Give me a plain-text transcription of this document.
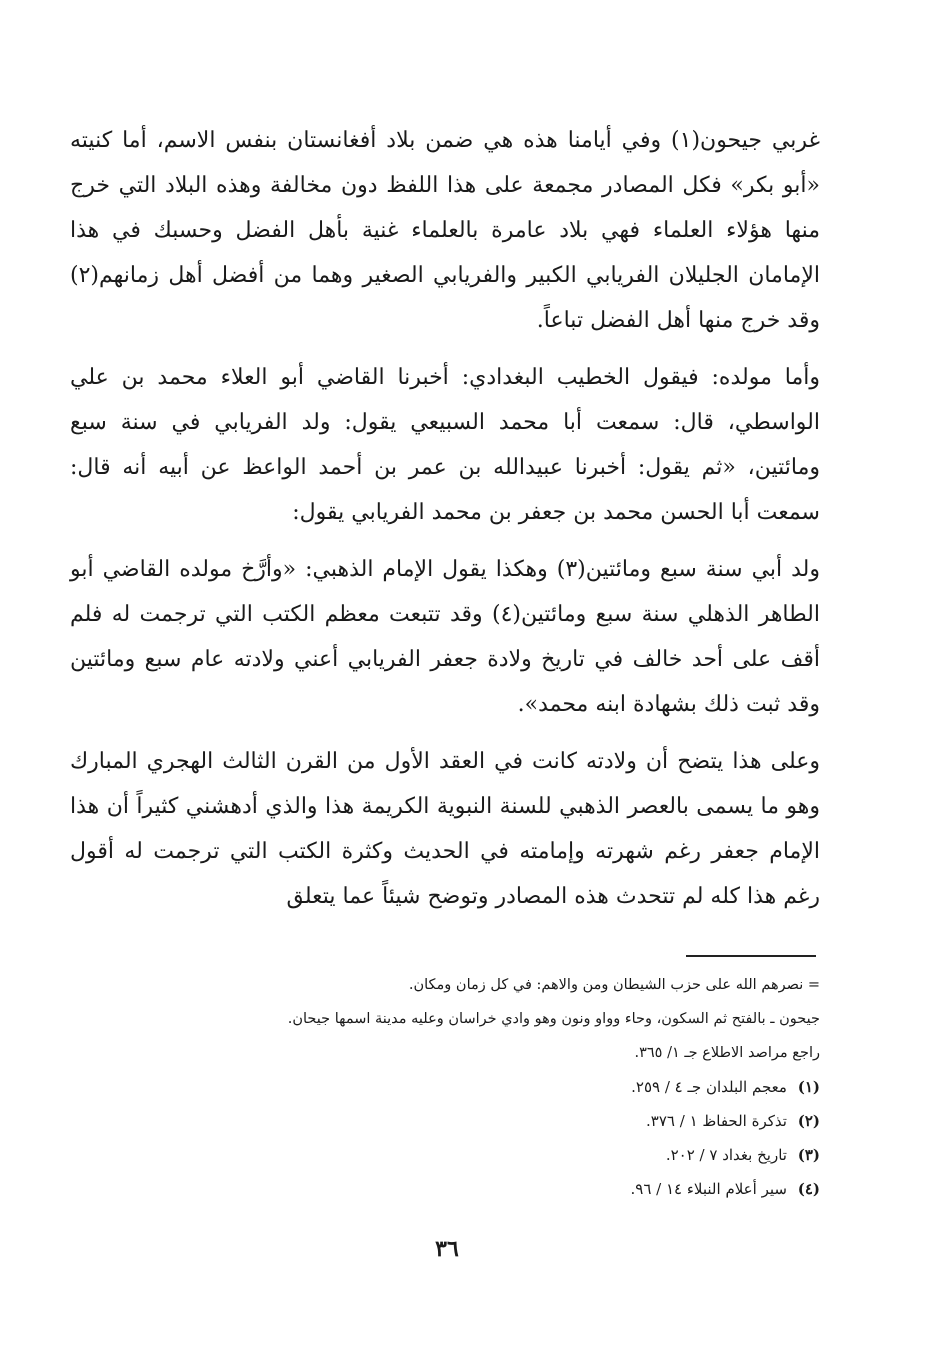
غربي جيحون(١) وفي أيامنا هذه هي ضمن بلاد أفغانستان بنفس الاسم، أما كنيته «أبو بكر» فكل المصادر مجمعة على هذا اللفظ دون مخالفة وهذه البلاد التي خرج منها هؤلاء العلماء فهي بلاد عامرة بالعلماء غنية بأهل الفضل وحسبك في هذا الإمامان الجليلان الفريابي الكبير والفريابي الصغير وهما من أفضل أهل زمانهم(٢) وقد خرج منها أهل الفضل تباعاً.

وأما مولده: فيقول الخطيب البغدادي: أخبرنا القاضي أبو العلاء محمد بن علي الواسطي، قال: سمعت أبا محمد السبيعي يقول: ولد الفريابي في سنة سبع ومائتين، «ثم يقول: أخبرنا عبيدالله بن عمر بن أحمد الواعظ عن أبيه أنه قال: سمعت أبا الحسن محمد بن جعفر بن محمد الفريابي يقول:

ولد أبي سنة سبع ومائتين(٣) وهكذا يقول الإمام الذهبي: «وأرَّخ مولده القاضي أبو الطاهر الذهلي سنة سبع ومائتين(٤) وقد تتبعت معظم الكتب التي ترجمت له فلم أقف على أحد خالف في تاريخ ولادة جعفر الفريابي أعني ولادته عام سبع ومائتين وقد ثبت ذلك بشهادة ابنه محمد».

وعلى هذا يتضح أن ولادته كانت في العقد الأول من القرن الثالث الهجري المبارك وهو ما يسمى بالعصر الذهبي للسنة النبوية الكريمة هذا والذي أدهشني كثيراً أن هذا الإمام جعفر رغم شهرته وإمامته في الحديث وكثرة الكتب التي ترجمت له أقول رغم هذا كله لم تتحدث هذه المصادر وتوضح شيئاً عما يتعلق

= نصرهم الله على حزب الشيطان ومن والاهم: في كل زمان ومكان.
جيحون ـ بالفتح ثم السكون، وحاء وواو ونون وهو وادي خراسان وعليه مدينة اسمها جيحان.
راجع مراصد الاطلاع جـ ١/ ٣٦٥.
(١) معجم البلدان جـ ٤ / ٢٥٩.
(٢) تذكرة الحفاظ ١ / ٣٧٦.
(٣) تاريخ بغداد ٧ / ٢٠٢.
(٤) سير أعلام النبلاء ١٤ / ٩٦.
٣٦
